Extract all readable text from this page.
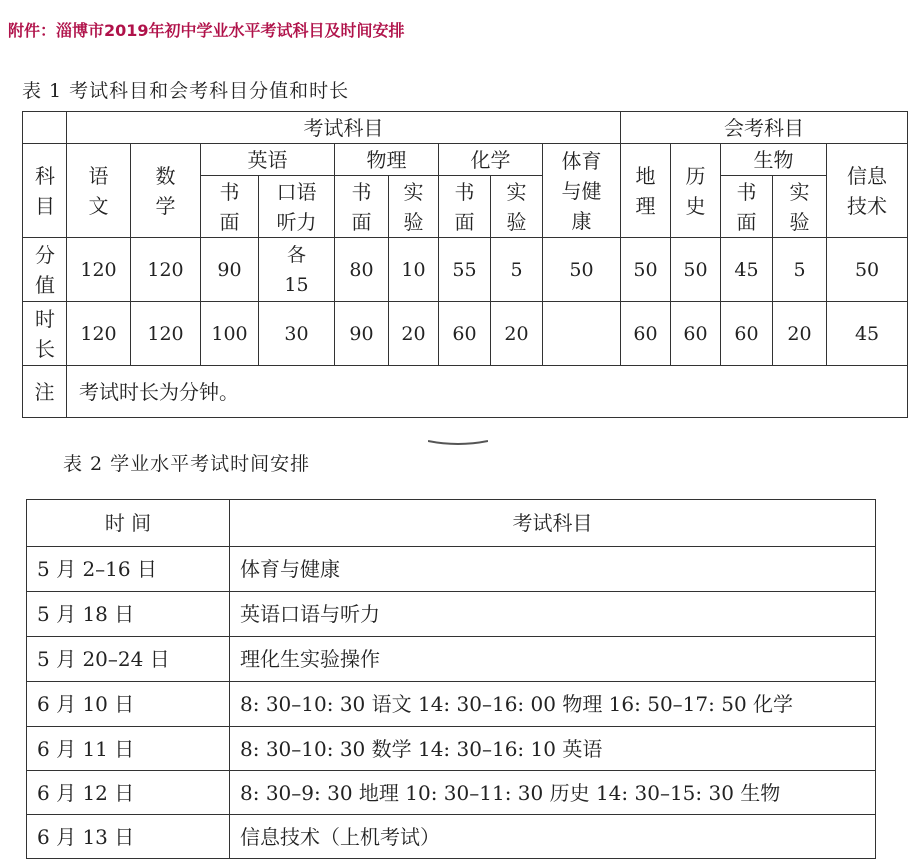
附件：淄博市2019年初中学业水平考试科目及时间安排
表 1 考试科目和会考科目分值和时长
	考试科目									会考科目				
科目	语文	数学	英语		物理		化学		体育与健康	地理	历史	生物		信息技术
			书面	口语听力	书面	实验	书面	实验				书面	实验	
分值	120	120	90	各15	80	10	55	5	50	50	50	45	5	50
时长	120	120	100	30	90	20	60	20		60	60	60	20	45
注	考试时长为分钟。													
表 2 学业水平考试时间安排
时 间	考试科目
5 月 2–16 日	体育与健康
5 月 18 日	英语口语与听力
5 月 20–24 日	理化生实验操作
6 月 10 日	8: 30–10: 30 语文 14: 30–16: 00 物理 16: 50–17: 50 化学
6 月 11 日	8: 30–10: 30 数学 14: 30–16: 10 英语
6 月 12 日	8: 30–9: 30 地理 10: 30–11: 30 历史 14: 30–15: 30 生物
6 月 13 日	信息技术（上机考试）
